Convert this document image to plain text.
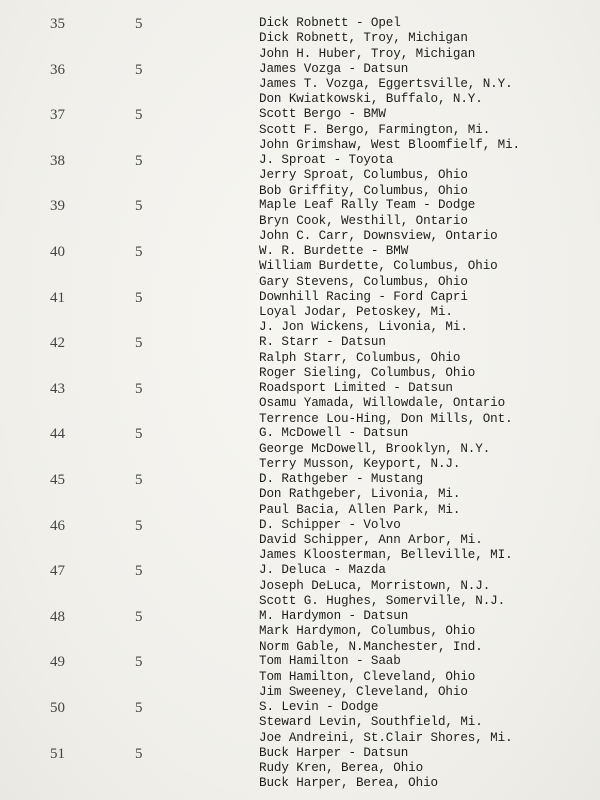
35	5	Dick Robnett - Opel
Dick Robnett, Troy, Michigan
John H. Huber, Troy, Michigan
36	5	James Vozga - Datsun
James T. Vozga, Eggertsville, N.Y.
Don Kwiatkowski, Buffalo, N.Y.
37	5	Scott Bergo - BMW
Scott F. Bergo, Farmington, Mi.
John Grimshaw, West Bloomfielf, Mi.
38	5	J. Sproat - Toyota
Jerry Sproat, Columbus, Ohio
Bob Griffity, Columbus, Ohio
39	5	Maple Leaf Rally Team - Dodge
Bryn Cook, Westhill, Ontario
John C. Carr, Downsview, Ontario
40	5	W. R. Burdette - BMW
William Burdette, Columbus, Ohio
Gary Stevens, Columbus, Ohio
41	5	Downhill Racing - Ford Capri
Loyal Jodar, Petoskey, Mi.
J. Jon Wickens, Livonia, Mi.
42	5	R. Starr - Datsun
Ralph Starr, Columbus, Ohio
Roger Sieling, Columbus, Ohio
43	5	Roadsport Limited - Datsun
Osamu Yamada, Willowdale, Ontario
Terrence Lou-Hing, Don Mills, Ont.
44	5	G. McDowell - Datsun
George McDowell, Brooklyn, N.Y.
Terry Musson, Keyport, N.J.
45	5	D. Rathgeber - Mustang
Don Rathgeber, Livonia, Mi.
Paul Bacia, Allen Park, Mi.
46	5	D. Schipper - Volvo
David Schipper, Ann Arbor, Mi.
James Kloosterman, Belleville, MI.
47	5	J. Deluca - Mazda
Joseph DeLuca, Morristown, N.J.
Scott G. Hughes, Somerville, N.J.
48	5	M. Hardymon - Datsun
Mark Hardymon, Columbus, Ohio
Norm Gable, N.Manchester, Ind.
49	5	Tom Hamilton - Saab
Tom Hamilton, Cleveland, Ohio
Jim Sweeney, Cleveland, Ohio
50	5	S. Levin - Dodge
Steward Levin, Southfield, Mi.
Joe Andreini, St.Clair Shores, Mi.
51	5	Buck Harper - Datsun
Rudy Kren, Berea, Ohio
Buck Harper, Berea, Ohio
